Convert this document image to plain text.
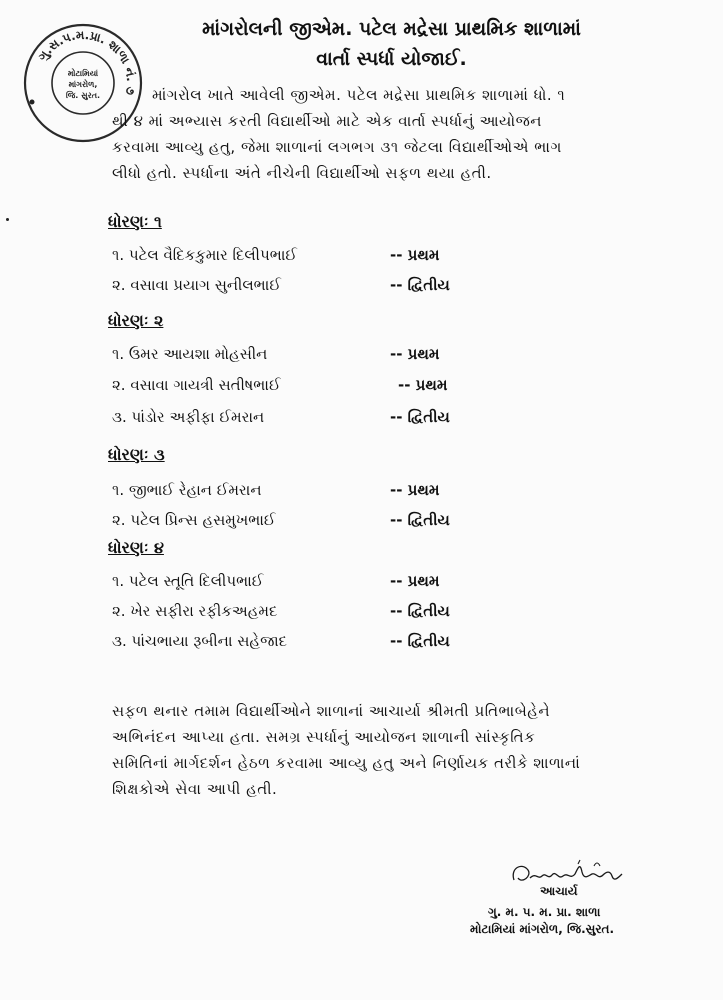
ગુ.સ.પ.મ.પ્રા. શાળા નં. ૭
મોટામિયાં
માંગરોળ,
જિ. સુરત.
માંગરોલની જીએમ. પટેલ મદ્રેસા પ્રાથમિક શાળામાં
વાર્તા સ્પર્ધા યોજાઈ.
માંગરોલ ખાતે આવેલી જીએમ. પટેલ મદ્રેસા પ્રાથમિક શાળામાં ધો. ૧
થી ૪ માં અભ્યાસ કરતી વિદ્યાર્થીઓ માટે એક વાર્તા સ્પર્ધાનું આયોજન
કરવામા આવ્યુ હતુ, જેમા શાળાનાં લગભગ ૩૧ જેટલા વિદ્યાર્થીઓએ ભાગ
લીધો હતો. સ્પર્ધાના અંતે નીચેની વિદ્યાર્થીઓ સફળ થયા હતી.
ધોરણઃ ૧
૧. પટેલ વૈદિકકુમાર દિલીપભાઈ	-- પ્રથમ
૨. વસાવા પ્રયાગ સુનીલભાઈ	-- દ્વિતીય
ધોરણઃ ૨
૧. ઉમર આયશા મોહસીન	-- પ્રથમ
૨. વસાવા ગાયત્રી સતીષભાઈ	-- પ્રથમ
૩. પાંડોર અફીફા ઈમરાન	-- દ્વિતીય
ધોરણઃ ૩
૧. જીભાઈ રેહાન ઈમરાન	-- પ્રથમ
૨. પટેલ પ્રિન્સ હસમુખભાઈ	-- દ્વિતીય
ધોરણઃ ૪
૧. પટેલ સ્તૂતિ દિલીપભાઈ	-- પ્રથમ
૨. ખેર સફીરા રફીકઅહમદ	-- દ્વિતીય
૩. પાંચભાયા રૂબીના સહેજાદ	-- દ્વિતીય
સફળ થનાર તમામ વિદ્યાર્થીઓને શાળાનાં આચાર્યા શ્રીમતી પ્રતિભાબેહેને
અભિનંદન આપ્યા હતા. સમગ્ર સ્પર્ધાનું આયોજન શાળાની સાંસ્કૃતિક
સમિતિનાં માર્ગદર્શન હેઠળ કરવામા આવ્યુ હતુ અને નિર્ણાયક તરીકે શાળાનાં
શિક્ષકોએ સેવા આપી હતી.
આચાર્ય
ગુ. મ. પ. મ. પ્રા. શાળા
મોટામિયાં માંગરોળ, જિ.સુરત.
